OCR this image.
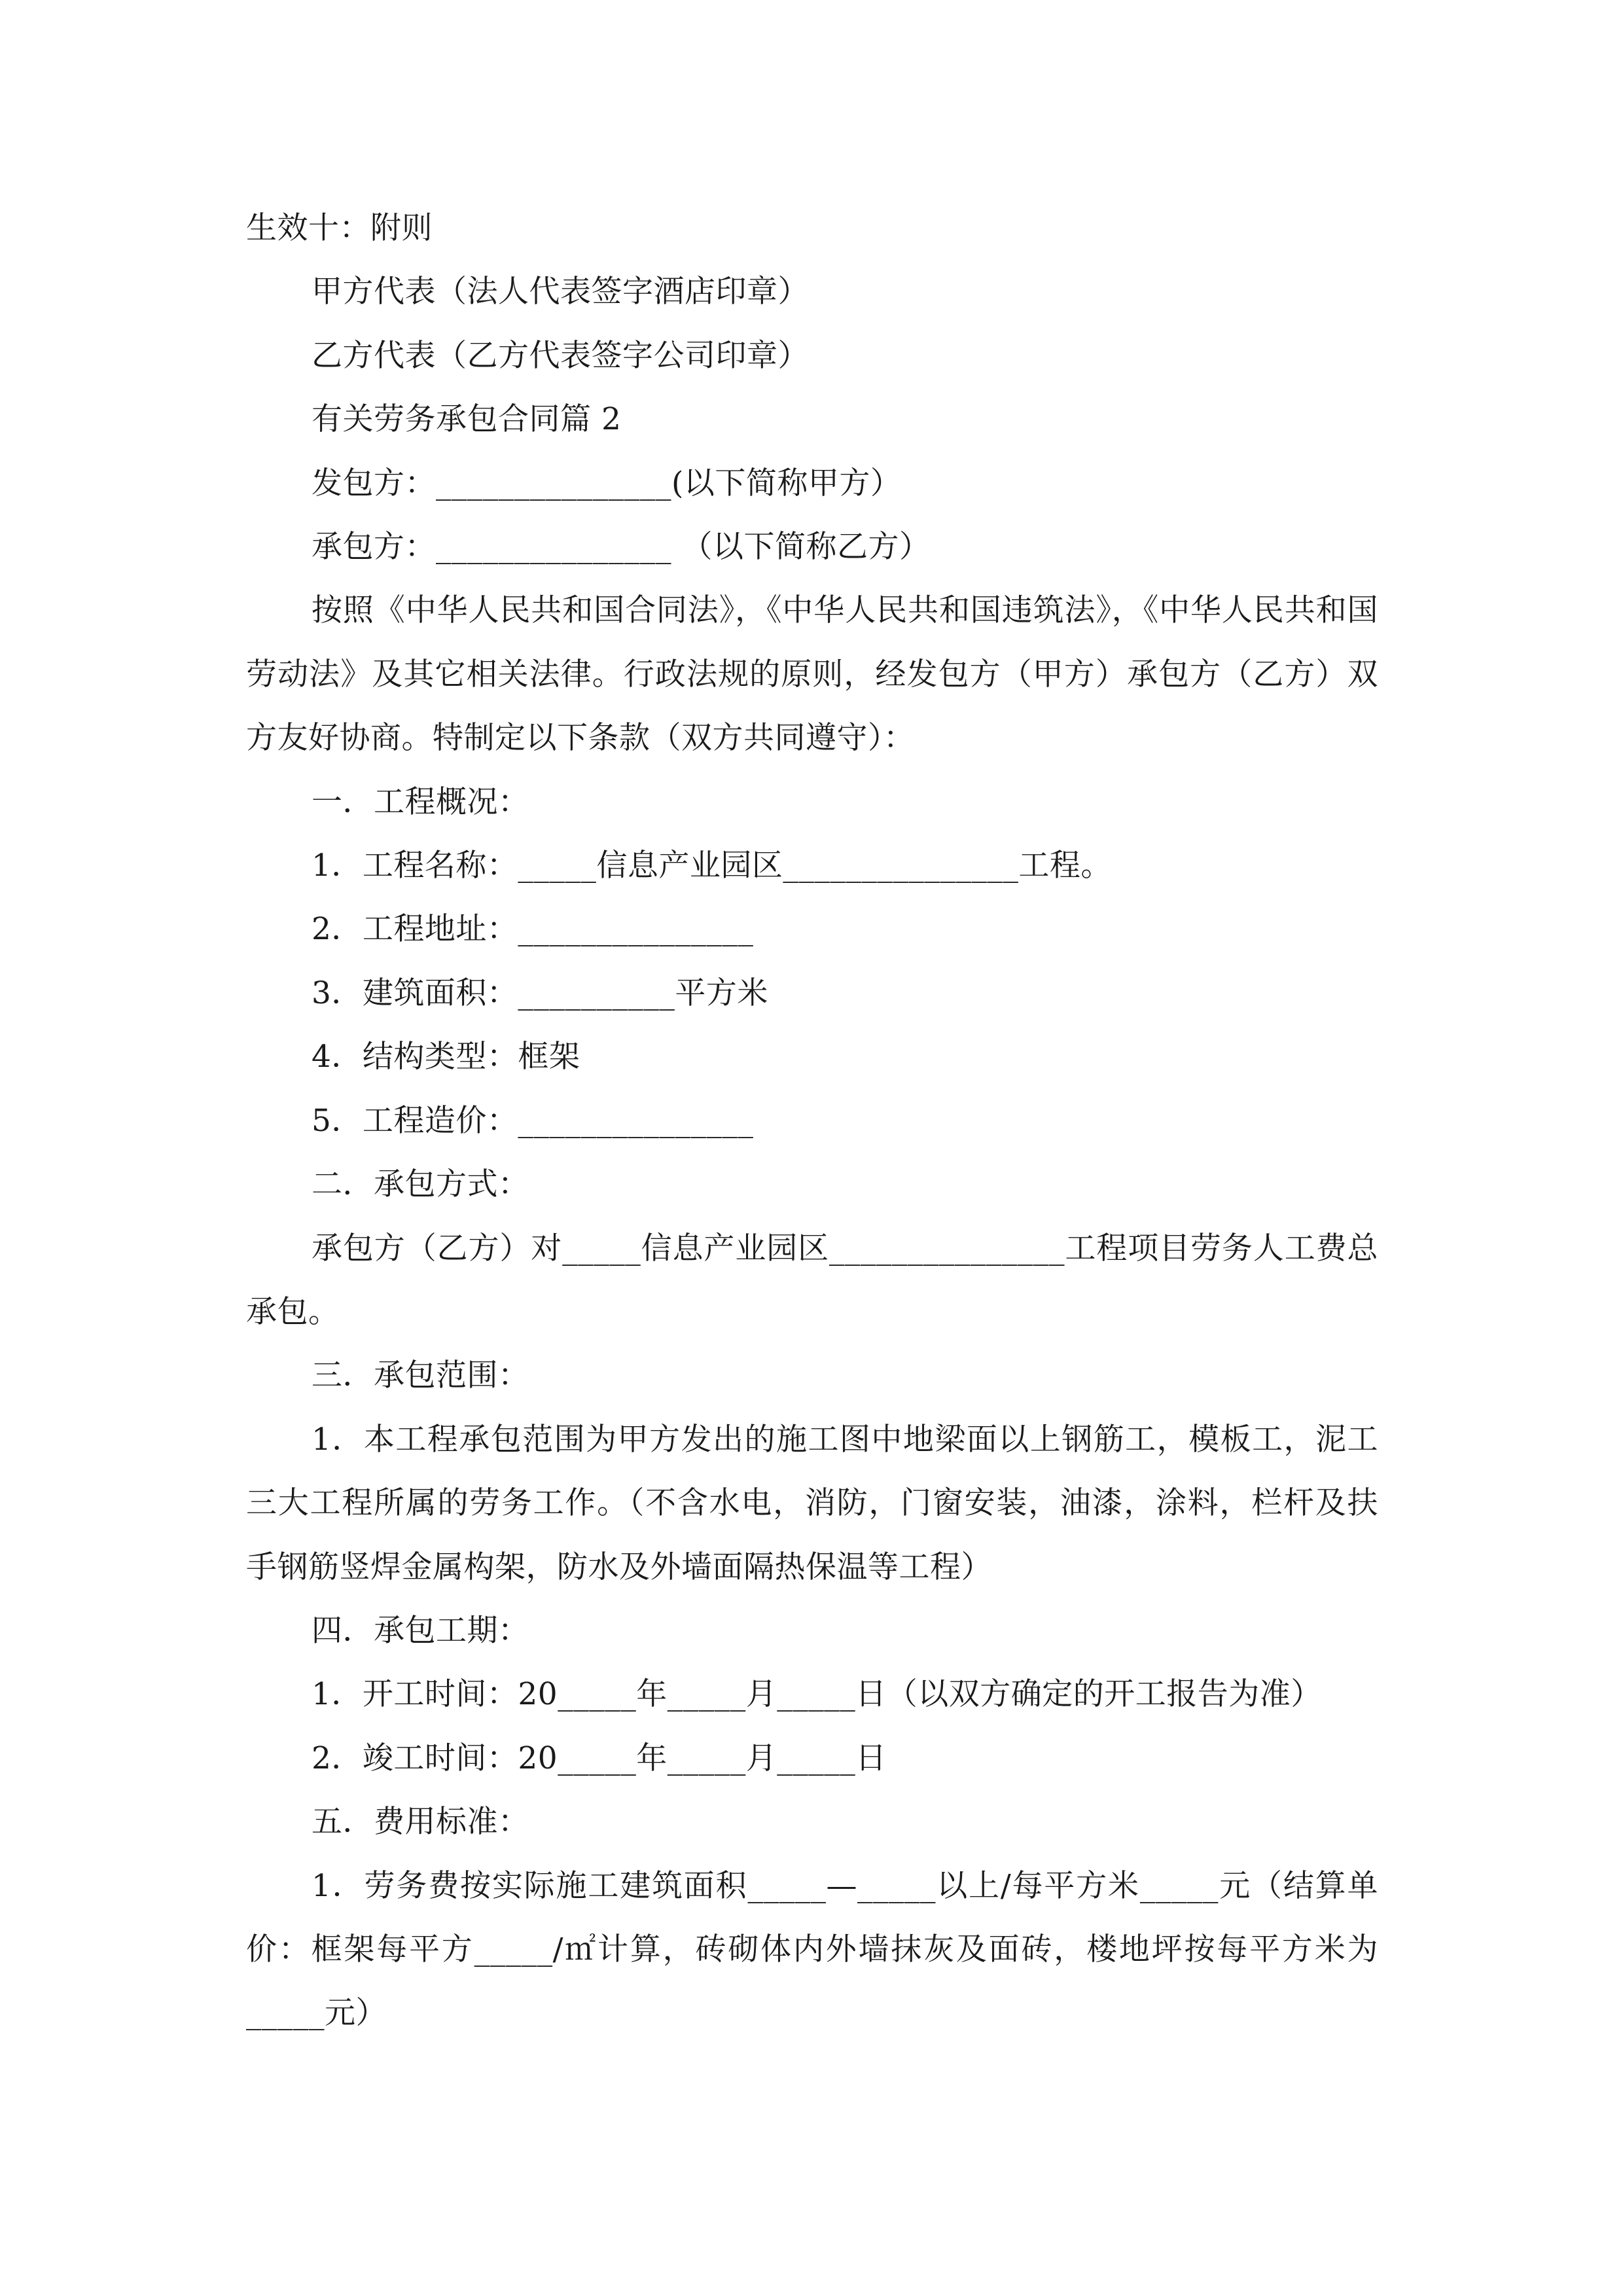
生效十：附则

甲方代表（法人代表签字酒店印章）

乙方代表（乙方代表签字公司印章）

有关劳务承包合同篇 2

发包方：_______________(以下简称甲方）

承包方：_______________ （以下简称乙方）

按照《中华人民共和国合同法》，《中华人民共和国违筑法》，《中华人民共和国劳动法》及其它相关法律。行政法规的原则，经发包方（甲方）承包方（乙方）双方友好协商。特制定以下条款（双方共同遵守）：

一．工程概况：

1．工程名称：_____信息产业园区_______________工程。

2．工程地址：_______________

3．建筑面积：__________平方米

4．结构类型：框架

5．工程造价：_______________

二．承包方式：

承包方（乙方）对_____信息产业园区_______________工程项目劳务人工费总承包。

三．承包范围：

1．本工程承包范围为甲方发出的施工图中地梁面以上钢筋工，模板工，泥工三大工程所属的劳务工作。（不含水电，消防，门窗安装，油漆，涂料，栏杆及扶手钢筋竖焊金属构架，防水及外墙面隔热保温等工程）

四．承包工期：

1．开工时间：20_____年_____月_____日（以双方确定的开工报告为准）

2．竣工时间：20_____年_____月_____日

五．费用标准：

1．劳务费按实际施工建筑面积_____—_____以上/每平方米_____元（结算单价：框架每平方_____/㎡计算，砖砌体内外墙抹灰及面砖，楼地坪按每平方米为_____元）
